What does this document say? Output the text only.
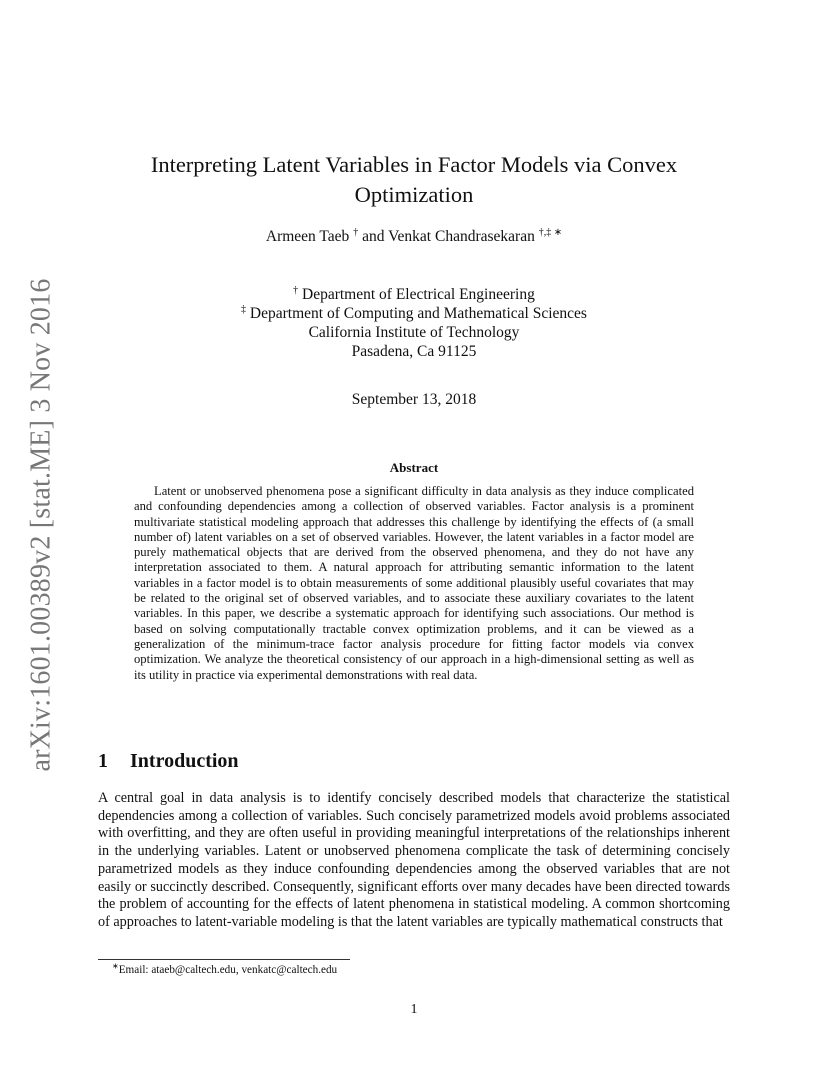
arXiv:1601.00389v2 [stat.ME] 3 Nov 2016
Interpreting Latent Variables in Factor Models via Convex
Optimization
Armeen Taeb † and Venkat Chandrasekaran †,‡ ∗
† Department of Electrical Engineering
‡ Department of Computing and Mathematical Sciences
California Institute of Technology
Pasadena, Ca 91125
September 13, 2018
Abstract

Latent or unobserved phenomena pose a significant difficulty in data analysis as they induce complicated and confounding dependencies among a collection of observed variables. Factor analysis is a prominent multivariate statistical modeling approach that addresses this challenge by identifying the effects of (a small number of) latent variables on a set of observed variables. However, the latent variables in a factor model are purely mathematical objects that are derived from the observed phenomena, and they do not have any interpretation associated to them. A natural approach for attributing semantic information to the latent variables in a factor model is to obtain measurements of some additional plausibly useful covariates that may be related to the original set of observed variables, and to associate these auxiliary covariates to the latent variables. In this paper, we describe a systematic approach for identifying such associations. Our method is based on solving computationally tractable convex optimization problems, and it can be viewed as a generalization of the minimum-trace factor analysis procedure for fitting factor models via convex optimization. We analyze the theoretical consistency of our approach in a high-dimensional setting as well as its utility in practice via experimental demonstrations with real data.

1 Introduction

A central goal in data analysis is to identify concisely described models that characterize the statistical dependencies among a collection of variables. Such concisely parametrized models avoid problems associated with overfitting, and they are often useful in providing meaningful interpretations of the relationships inherent in the underlying variables. Latent or unobserved phenomena complicate the task of determining concisely parametrized models as they induce confounding dependencies among the observed variables that are not easily or succinctly described. Consequently, significant efforts over many decades have been directed towards the problem of accounting for the effects of latent phenomena in statistical modeling. A common shortcoming of approaches to latent-variable modeling is that the latent variables are typically mathematical constructs that

∗Email: ataeb@caltech.edu, venkatc@caltech.edu
1
